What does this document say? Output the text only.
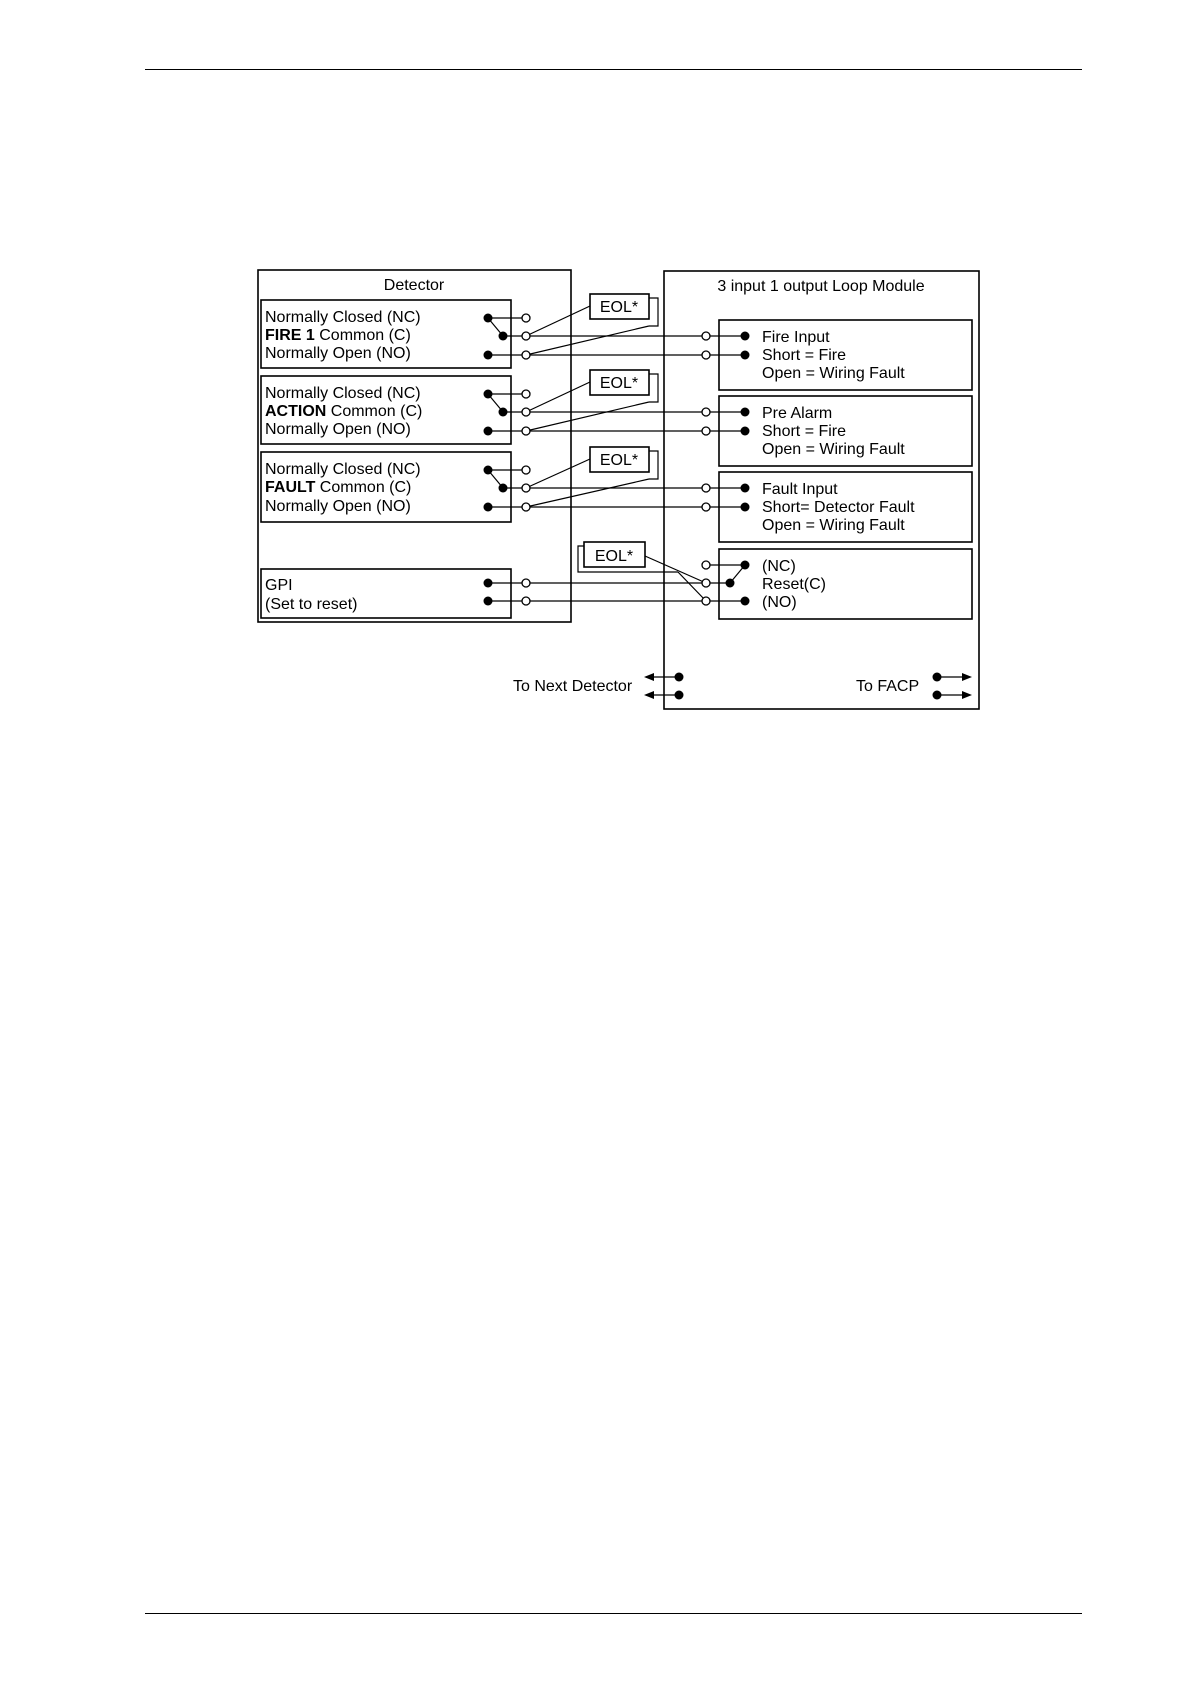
Detector
Normally Closed (NC)
FIRE 1 Common (C)
Normally Open (NO)
Normally Closed (NC)
ACTION Common (C)
Normally Open (NO)
Normally Closed (NC)
FAULT Common (C)
Normally Open (NO)
GPI
(Set to reset)
3 input 1 output Loop Module
Fire Input
Short = Fire
Open = Wiring Fault
Pre Alarm
Short = Fire
Open = Wiring Fault
Fault Input
Short= Detector Fault
Open = Wiring Fault
(NC)
Reset(C)
(NO)
EOL*
EOL*
EOL*
EOL*
To Next Detector	To FACP
